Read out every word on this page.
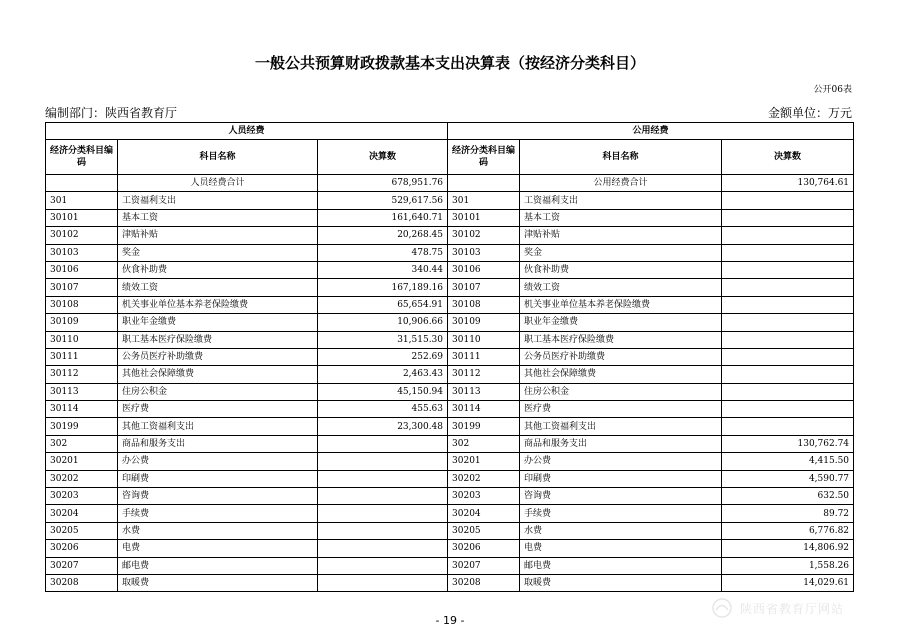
一般公共预算财政拨款基本支出决算表（按经济分类科目）
公开06表
编制部门：陕西省教育厅	金额单位：万元
人员经费			公用经费		
经济分类科目编码	科目名称	决算数	经济分类科目编码	科目名称	决算数
	人员经费合计	678,951.76		公用经费合计	130,764.61
301	工资福利支出	529,617.56	301	工资福利支出	
30101	基本工资	161,640.71	30101	基本工资	
30102	津贴补贴	20,268.45	30102	津贴补贴	
30103	奖金	478.75	30103	奖金	
30106	伙食补助费	340.44	30106	伙食补助费	
30107	绩效工资	167,189.16	30107	绩效工资	
30108	机关事业单位基本养老保险缴费	65,654.91	30108	机关事业单位基本养老保险缴费	
30109	职业年金缴费	10,906.66	30109	职业年金缴费	
30110	职工基本医疗保险缴费	31,515.30	30110	职工基本医疗保险缴费	
30111	公务员医疗补助缴费	252.69	30111	公务员医疗补助缴费	
30112	其他社会保障缴费	2,463.43	30112	其他社会保障缴费	
30113	住房公积金	45,150.94	30113	住房公积金	
30114	医疗费	455.63	30114	医疗费	
30199	其他工资福利支出	23,300.48	30199	其他工资福利支出	
302	商品和服务支出		302	商品和服务支出	130,762.74
30201	办公费		30201	办公费	4,415.50
30202	印刷费		30202	印刷费	4,590.77
30203	咨询费		30203	咨询费	632.50
30204	手续费		30204	手续费	89.72
30205	水费		30205	水费	6,776.82
30206	电费		30206	电费	14,806.92
30207	邮电费		30207	邮电费	1,558.26
30208	取暖费		30208	取暖费	14,029.61
- 19 -
陕西省教育厅网站
